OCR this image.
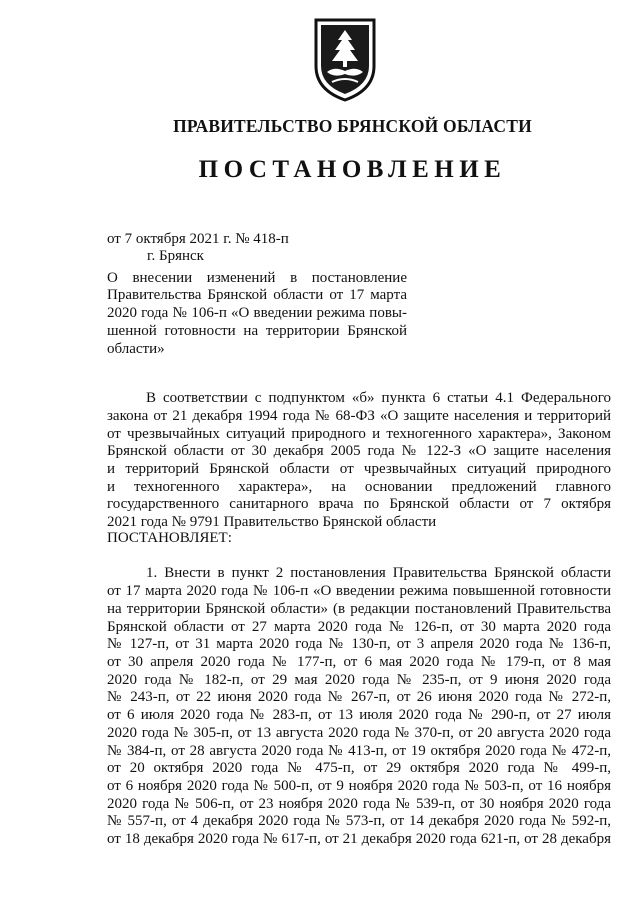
ПРАВИТЕЛЬСТВО БРЯНСКОЙ ОБЛАСТИ
ПОСТАНОВЛЕНИЕ
от 7 октября 2021 г. № 418-п
г. Брянск
О внесении изменений в постановление
Правительства Брянской области от 17 марта
2020 года № 106-п «О введении режима повы-
шенной готовности на территории Брянской
области»
В соответствии с подпунктом «б» пункта 6 статьи 4.1 Федерального
закона от 21 декабря 1994 года № 68-ФЗ «О защите населения и территорий
от чрезвычайных ситуаций природного и техногенного характера», Законом
Брянской области от 30 декабря 2005 года № 122-З «О защите населения
и территорий Брянской области от чрезвычайных ситуаций природного
и техногенного характера», на основании предложений главного
государственного санитарного врача по Брянской области от 7 октября
2021 года № 9791 Правительство Брянской области
ПОСТАНОВЛЯЕТ:
1. Внести в пункт 2 постановления Правительства Брянской области
от 17 марта 2020 года № 106-п «О введении режима повышенной готовности
на территории Брянской области» (в редакции постановлений Правительства
Брянской области от 27 марта 2020 года № 126-п, от 30 марта 2020 года
№ 127-п, от 31 марта 2020 года № 130-п, от 3 апреля 2020 года № 136-п,
от 30 апреля 2020 года № 177-п, от 6 мая 2020 года № 179-п, от 8 мая
2020 года № 182-п, от 29 мая 2020 года № 235-п, от 9 июня 2020 года
№ 243-п, от 22 июня 2020 года № 267-п, от 26 июня 2020 года № 272-п,
от 6 июля 2020 года № 283-п, от 13 июля 2020 года № 290-п, от 27 июля
2020 года № 305-п, от 13 августа 2020 года № 370-п, от 20 августа 2020 года
№ 384-п, от 28 августа 2020 года № 413-п, от 19 октября 2020 года № 472-п,
от 20 октября 2020 года № 475-п, от 29 октября 2020 года № 499-п,
от 6 ноября 2020 года № 500-п, от 9 ноября 2020 года № 503-п, от 16 ноября
2020 года № 506-п, от 23 ноября 2020 года № 539-п, от 30 ноября 2020 года
№ 557-п, от 4 декабря 2020 года № 573-п, от 14 декабря 2020 года № 592-п,
от 18 декабря 2020 года № 617-п, от 21 декабря 2020 года 621-п, от 28 декабря
